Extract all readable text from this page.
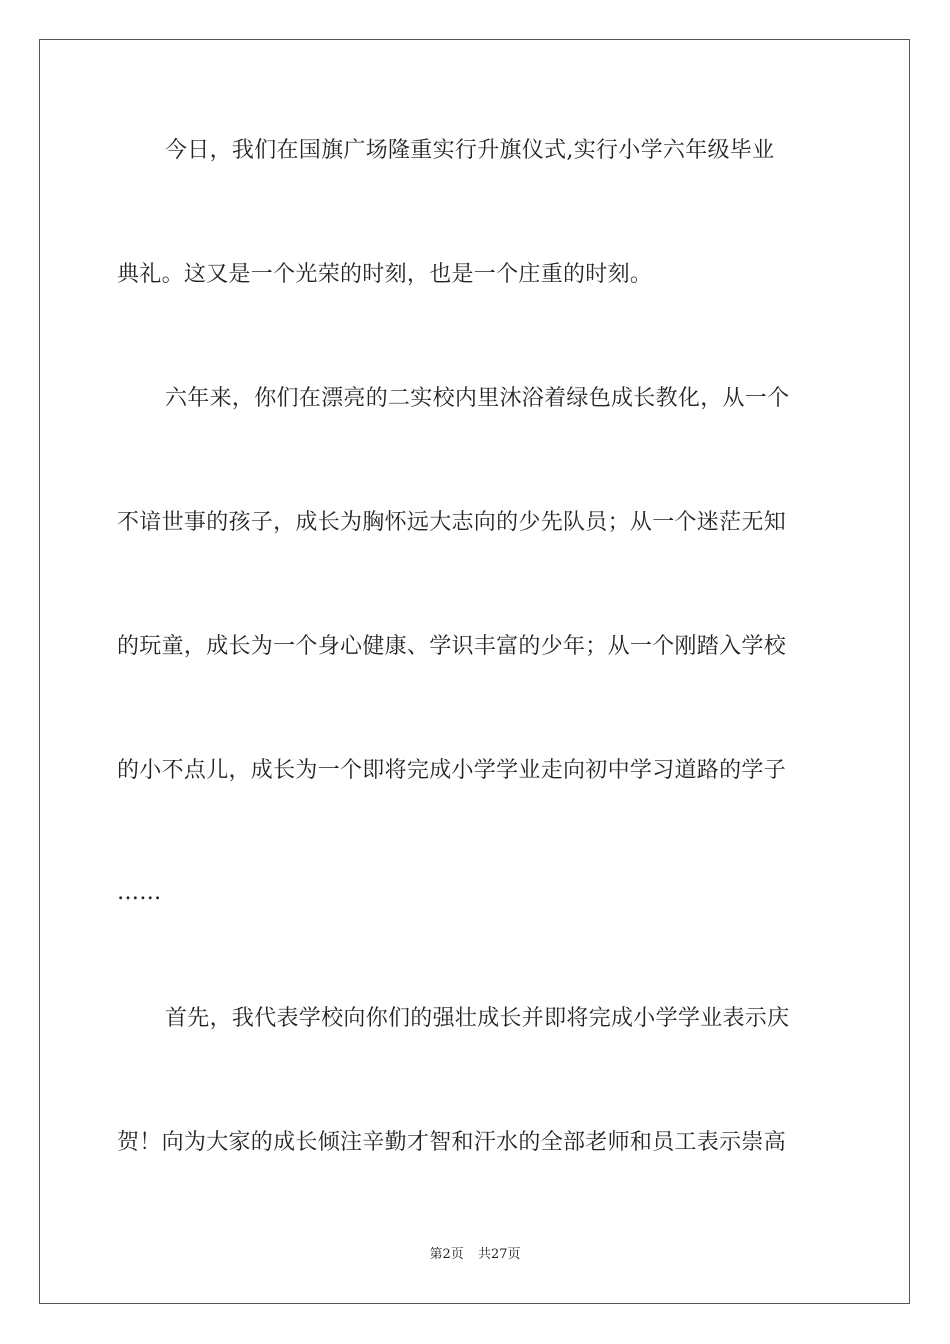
今日，我们在国旗广场隆重实行升旗仪式,实行小学六年级毕业
典礼。这又是一个光荣的时刻，也是一个庄重的时刻。
六年来，你们在漂亮的二实校内里沐浴着绿色成长教化，从一个
不谙世事的孩子，成长为胸怀远大志向的少先队员；从一个迷茫无知
的玩童，成长为一个身心健康、学识丰富的少年；从一个刚踏入学校
的小不点儿，成长为一个即将完成小学学业走向初中学习道路的学子
……
首先，我代表学校向你们的强壮成长并即将完成小学学业表示庆
贺！向为大家的成长倾注辛勤才智和汗水的全部老师和员工表示崇高
第2页 共27页
